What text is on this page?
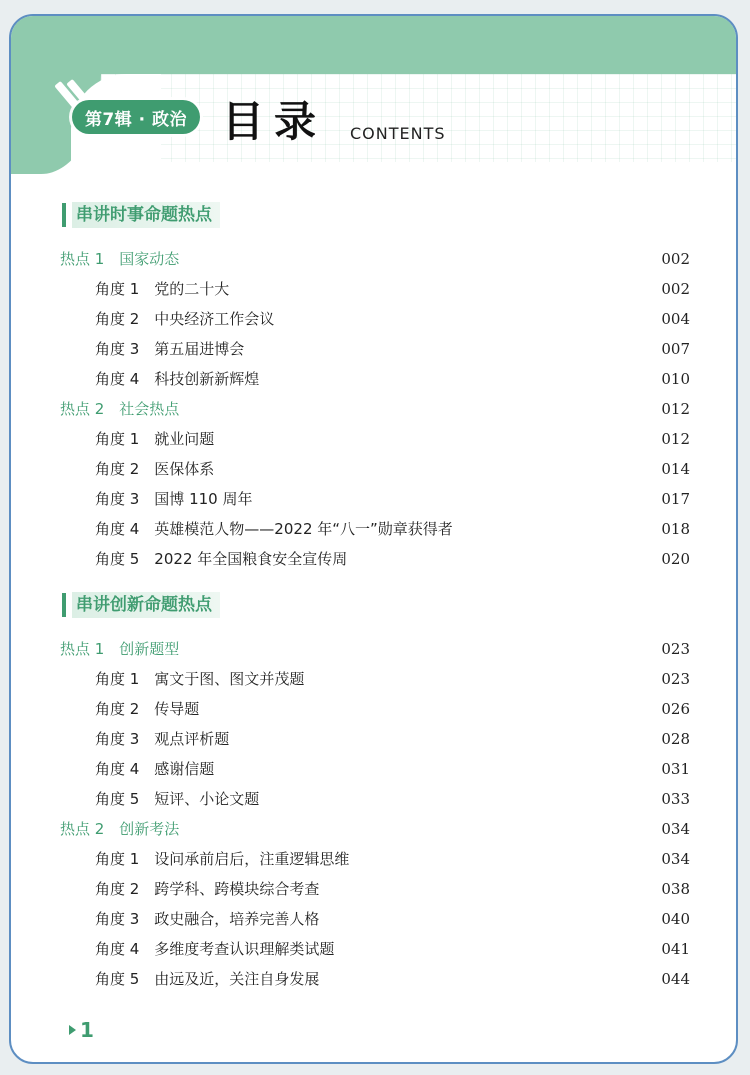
第7辑 · 政治 目录 CONTENTS
串讲时事命题热点
热点 1　国家动态	002
角度 1　党的二十大	002
角度 2　中央经济工作会议	004
角度 3　第五届进博会	007
角度 4　科技创新新辉煌	010
热点 2　社会热点	012
角度 1　就业问题	012
角度 2　医保体系	014
角度 3　国博 110 周年	017
角度 4　英雄模范人物——2022 年“八一”勋章获得者	018
角度 5　2022 年全国粮食安全宣传周	020
串讲创新命题热点
热点 1　创新题型	023
角度 1　寓文于图、图文并茂题	023
角度 2　传导题	026
角度 3　观点评析题	028
角度 4　感谢信题	031
角度 5　短评、小论文题	033
热点 2　创新考法	034
角度 1　设问承前启后，注重逻辑思维	034
角度 2　跨学科、跨模块综合考查	038
角度 3　政史融合，培养完善人格	040
角度 4　多维度考查认识理解类试题	041
角度 5　由远及近，关注自身发展	044
1
